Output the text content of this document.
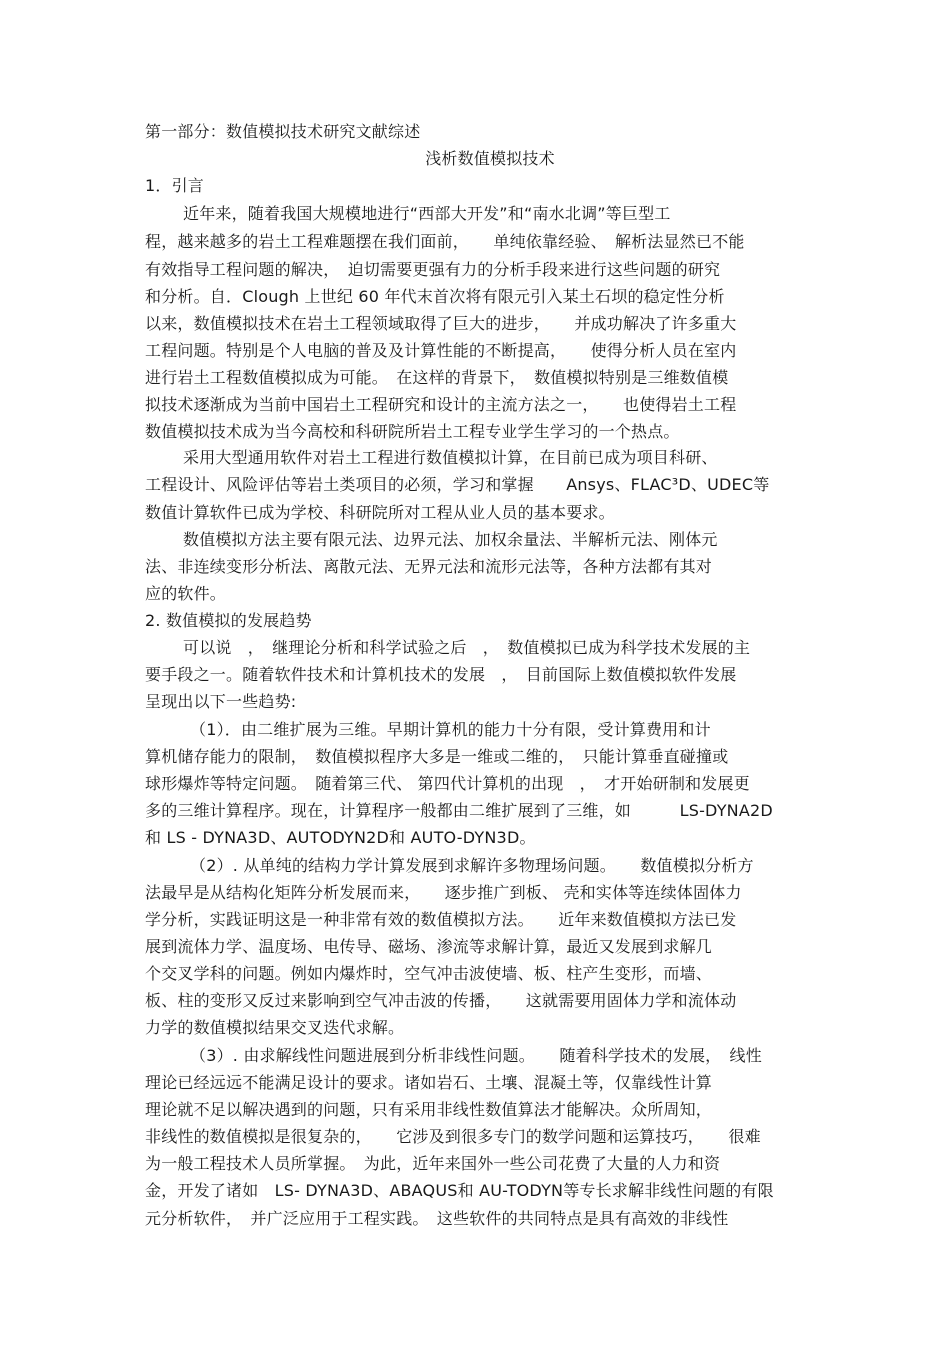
第一部分：数值模拟技术研究文献综述
浅析数值模拟技术
1．引言
近年来，随着我国大规模地进行“西部大开发”和“南水北调”等巨型工
程，越来越多的岩土工程难题摆在我们面前，　　单纯依靠经验、　解析法显然已不能
有效指导工程问题的解决，　迫切需要更强有力的分析手段来进行这些问题的研究
和分析。自．Clough 上世纪 60 年代末首次将有限元引入某土石坝的稳定性分析
以来，数值模拟技术在岩土工程领域取得了巨大的进步，　　并成功解决了许多重大
工程问题。特别是个人电脑的普及及计算性能的不断提高，　　使得分析人员在室内
进行岩土工程数值模拟成为可能。　在这样的背景下，　数值模拟特别是三维数值模
拟技术逐渐成为当前中国岩土工程研究和设计的主流方法之一，　　也使得岩土工程
数值模拟技术成为当今高校和科研院所岩土工程专业学生学习的一个热点。
采用大型通用软件对岩土工程进行数值模拟计算，在目前已成为项目科研、
工程设计、风险评估等岩土类项目的必须，学习和掌握　　Ansys、FLAC³D、UDEC等
数值计算软件已成为学校、科研院所对工程从业人员的基本要求。
数值模拟方法主要有限元法、边界元法、加权余量法、半解析元法、刚体元
法、非连续变形分析法、离散元法、无界元法和流形元法等，各种方法都有其对
应的软件。
2. 数值模拟的发展趋势
可以说　，　继理论分析和科学试验之后　，　数值模拟已成为科学技术发展的主
要手段之一。随着软件技术和计算机技术的发展　，　目前国际上数值模拟软件发展
呈现出以下一些趋势:
（1）．由二维扩展为三维。早期计算机的能力十分有限，受计算费用和计
算机储存能力的限制，　数值模拟程序大多是一维或二维的，　只能计算垂直碰撞或
球形爆炸等特定问题。　随着第三代、 第四代计算机的出现　，　才开始研制和发展更
多的三维计算程序。现在，计算程序一般都由二维扩展到了三维，如　　　LS-DYNA2D
和 LS - DYNA3D、AUTODYN2D和 AUTO-DYN3D。
（2）. 从单纯的结构力学计算发展到求解许多物理场问题。　　数值模拟分析方
法最早是从结构化矩阵分析发展而来，　　逐步推广到板、 壳和实体等连续体固体力
学分析，实践证明这是一种非常有效的数值模拟方法。　　近年来数值模拟方法已发
展到流体力学、温度场、电传导、磁场、渗流等求解计算，最近又发展到求解几
个交叉学科的问题。例如内爆炸时，空气冲击波使墙、板、柱产生变形，而墙、
板、柱的变形又反过来影响到空气冲击波的传播，　　这就需要用固体力学和流体动
力学的数值模拟结果交叉迭代求解。
（3）. 由求解线性问题进展到分析非线性问题。　　随着科学技术的发展，　线性
理论已经远远不能满足设计的要求。诸如岩石、土壤、混凝土等，仅靠线性计算
理论就不足以解决遇到的问题，只有采用非线性数值算法才能解决。众所周知，
非线性的数值模拟是很复杂的，　　它涉及到很多专门的数学问题和运算技巧，　　很难
为一般工程技术人员所掌握。　为此，近年来国外一些公司花费了大量的人力和资
金，开发了诸如　LS- DYNA3D、ABAQUS和 AU-TODYN等专长求解非线性问题的有限
元分析软件，　并广泛应用于工程实践。　这些软件的共同特点是具有高效的非线性
